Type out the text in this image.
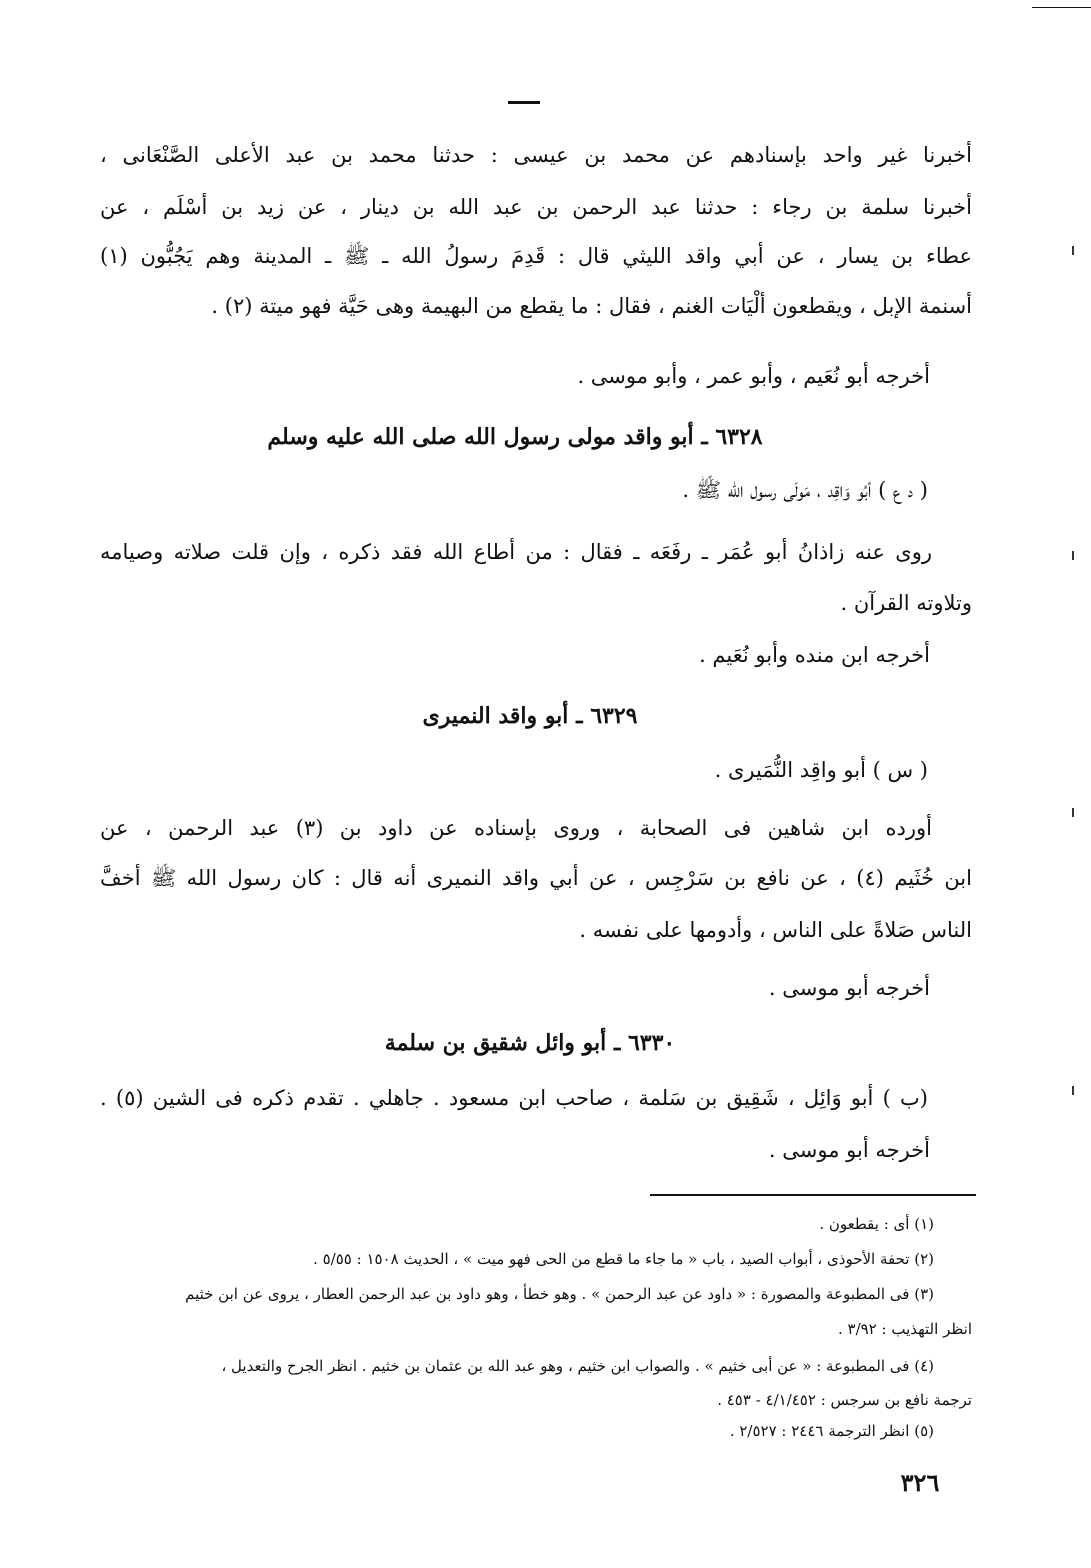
أخبرنا غير واحد بإسنادهم عن محمد بن عيسى : حدثنا محمد بن عبد الأعلى الصَّنْعَانى ،
أخبرنا سلمة بن رجاء : حدثنا عبد الرحمن بن عبد الله بن دينار ، عن زيد بن أسْلَم ، عن
عطاء بن يسار ، عن أبي واقد الليثي قال : قَدِمَ رسولُ الله ـ ﷺ ـ المدينة وهم يَجُبُّون (١)
أسنمة الإبل ، ويقطعون ألْيَات الغنم ، فقال : ما يقطع من البهيمة وهى حَيَّة فهو ميتة (٢) .
أخرجه أبو نُعَيم ، وأبو عمر ، وأبو موسى .
٦٣٢٨ ـ أبو واقد مولى رسول الله صلى الله عليه وسلم
( د ع ) أبُو وَاقِد ، مَولَى رسول الله ﷺ .
روى عنه زاذانُ أبو عُمَر ـ رفَعَه ـ فقال : من أطاع الله فقد ذكره ، وإن قلت صلاته وصيامه
وتلاوته القرآن .
أخرجه ابن منده وأبو نُعَيم .
٦٣٢٩ ـ أبو واقد النميرى
( س ) أبو واقِد النُّمَيرى .
أورده ابن شاهين فى الصحابة ، وروى بإسناده عن داود بن (٣) عبد الرحمن ، عن
ابن خُثَيم (٤) ، عن نافع بن سَرْجِس ، عن أبي واقد النميرى أنه قال : كان رسول الله ﷺ أخفَّ
الناس صَلاةً على الناس ، وأدومها على نفسه .
أخرجه أبو موسى .
٦٣٣٠ ـ أبو وائل شقيق بن سلمة
(ب ) أبو وَائِل ، شَقِيق بن سَلمة ، صاحب ابن مسعود . جاهلي . تقدم ذكره فى الشين (٥) .
أخرجه أبو موسى .
(١) أى : يقطعون .
(٢) تحفة الأحوذى ، أبواب الصيد ، باب « ما جاء ما قطع من الحى فهو ميت » ، الحديث ١٥٠٨ : ٥/٥٥ .
(٣) فى المطبوعة والمصورة : « داود عن عبد الرحمن » . وهو خطأ ، وهو داود بن عبد الرحمن العطار ، يروى عن ابن خثيم
انظر التهذيب : ٣/٩٢ .
(٤) فى المطبوعة : « عن أبى خثيم » . والصواب ابن خثيم ، وهو عبد الله بن عثمان بن خثيم . انظر الجرح والتعديل ،
ترجمة نافع بن سرجس : ٤/١/٤٥٢ - ٤٥٣ .
(٥) انظر الترجمة ٢٤٤٦ : ٢/٥٢٧ .
٣٢٦
